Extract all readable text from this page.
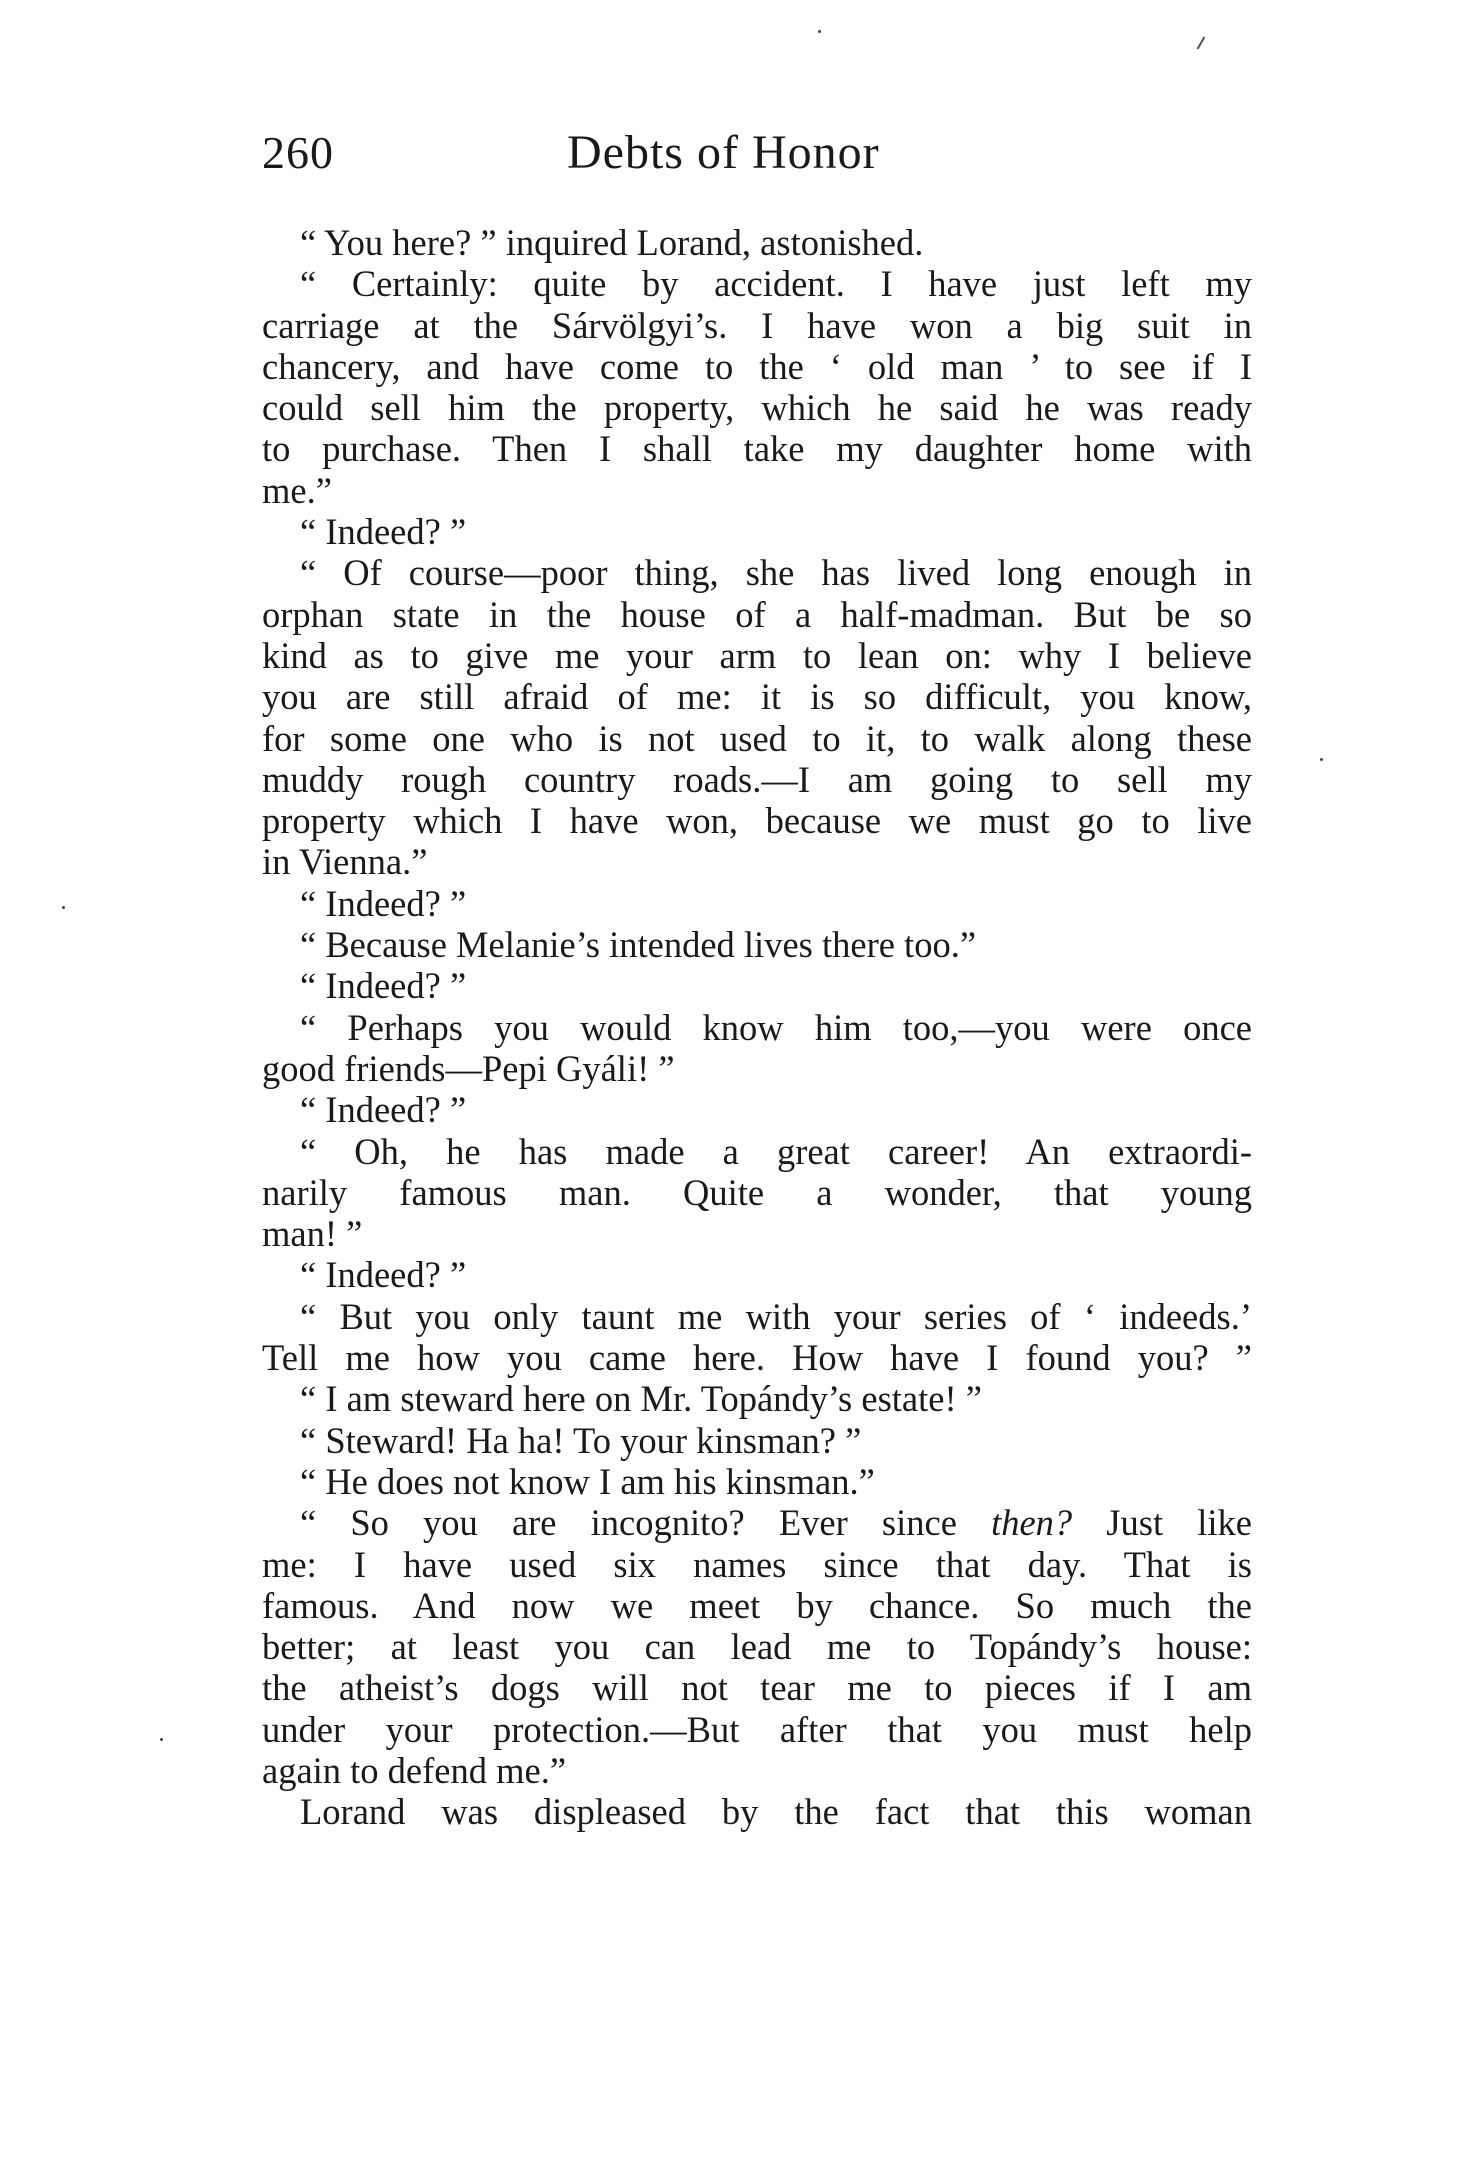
260	Debts of Honor
“ You here? ” inquired Lorand, astonished.
“ Certainly: quite by accident. I have just left my
carriage at the Sárvölgyi’s. I have won a big suit in
chancery, and have come to the ‘ old man ’ to see if I
could sell him the property, which he said he was ready
to purchase. Then I shall take my daughter home with
me.”
“ Indeed? ”
“ Of course—poor thing, she has lived long enough in
orphan state in the house of a half-madman. But be so
kind as to give me your arm to lean on: why I believe
you are still afraid of me: it is so difficult, you know,
for some one who is not used to it, to walk along these
muddy rough country roads.—I am going to sell my
property which I have won, because we must go to live
in Vienna.”
“ Indeed? ”
“ Because Melanie’s intended lives there too.”
“ Indeed? ”
“ Perhaps you would know him too,—you were once
good friends—Pepi Gyáli! ”
“ Indeed? ”
“ Oh, he has made a great career! An extraordi-
narily famous man. Quite a wonder, that young
man! ”
“ Indeed? ”
“ But you only taunt me with your series of ‘ indeeds.’
Tell me how you came here. How have I found you? ”
“ I am steward here on Mr. Topándy’s estate! ”
“ Steward! Ha ha! To your kinsman? ”
“ He does not know I am his kinsman.”
“ So you are incognito? Ever since then? Just like
me: I have used six names since that day. That is
famous. And now we meet by chance. So much the
better; at least you can lead me to Topándy’s house:
the atheist’s dogs will not tear me to pieces if I am
under your protection.—But after that you must help
again to defend me.”
Lorand was displeased by the fact that this woman
